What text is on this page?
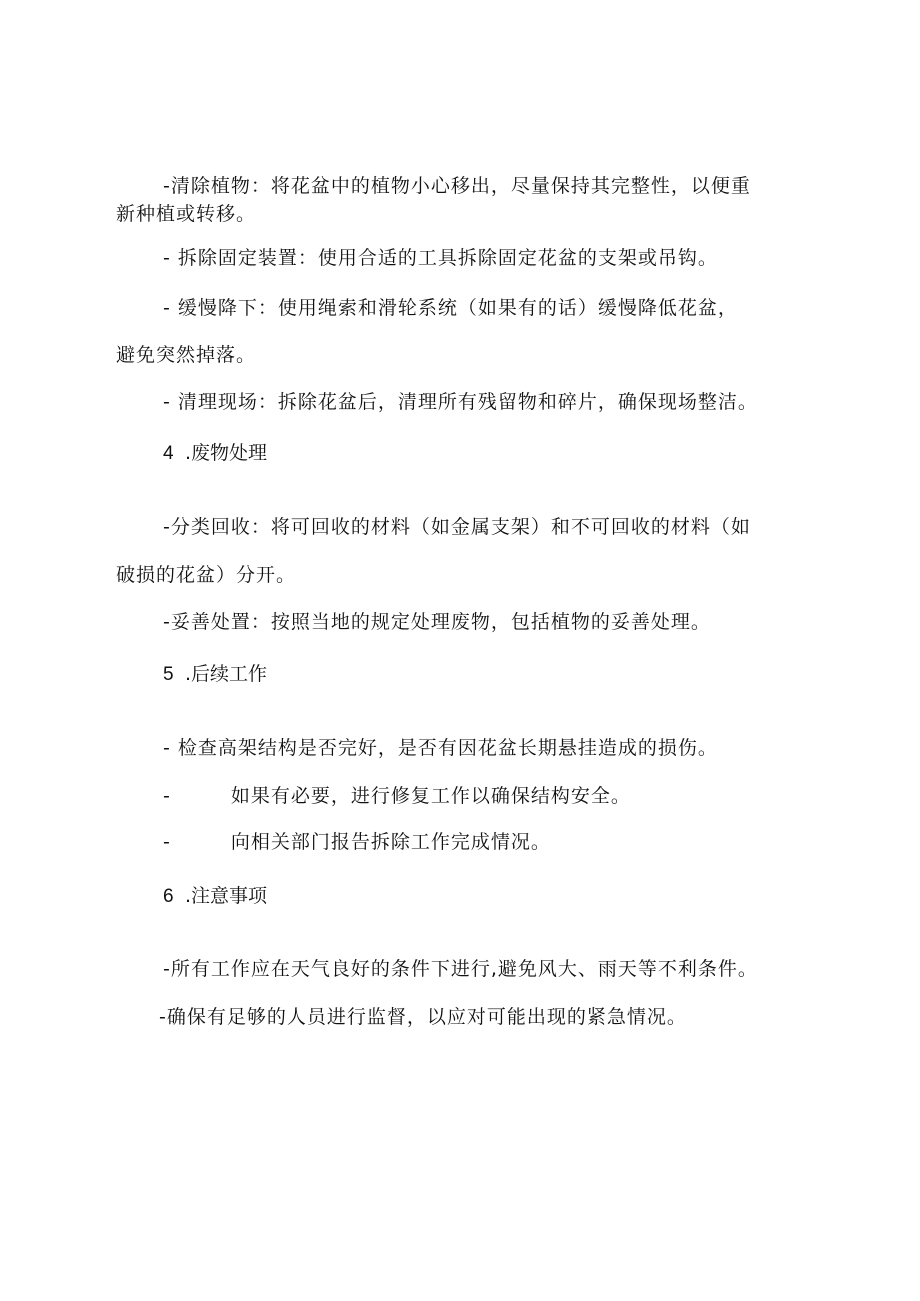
-清除植物：将花盆中的植物小心移出，尽量保持其完整性，以便重
新种植或转移。
- 拆除固定装置：使用合适的工具拆除固定花盆的支架或吊钩。
- 缓慢降下：使用绳索和滑轮系统（如果有的话）缓慢降低花盆，
避免突然掉落。
- 清理现场：拆除花盆后，清理所有残留物和碎片，确保现场整洁。
4 .废物处理
-分类回收：将可回收的材料（如金属支架）和不可回收的材料（如
破损的花盆）分开。
-妥善处置：按照当地的规定处理废物，包括植物的妥善处理。
5 .后续工作
- 检查高架结构是否完好，是否有因花盆长期悬挂造成的损伤。
-	如果有必要，进行修复工作以确保结构安全。
-	向相关部门报告拆除工作完成情况。
6 .注意事项
-所有工作应在天气良好的条件下进行,避免风大、雨天等不利条件。
-确保有足够的人员进行监督，以应对可能出现的紧急情况。
